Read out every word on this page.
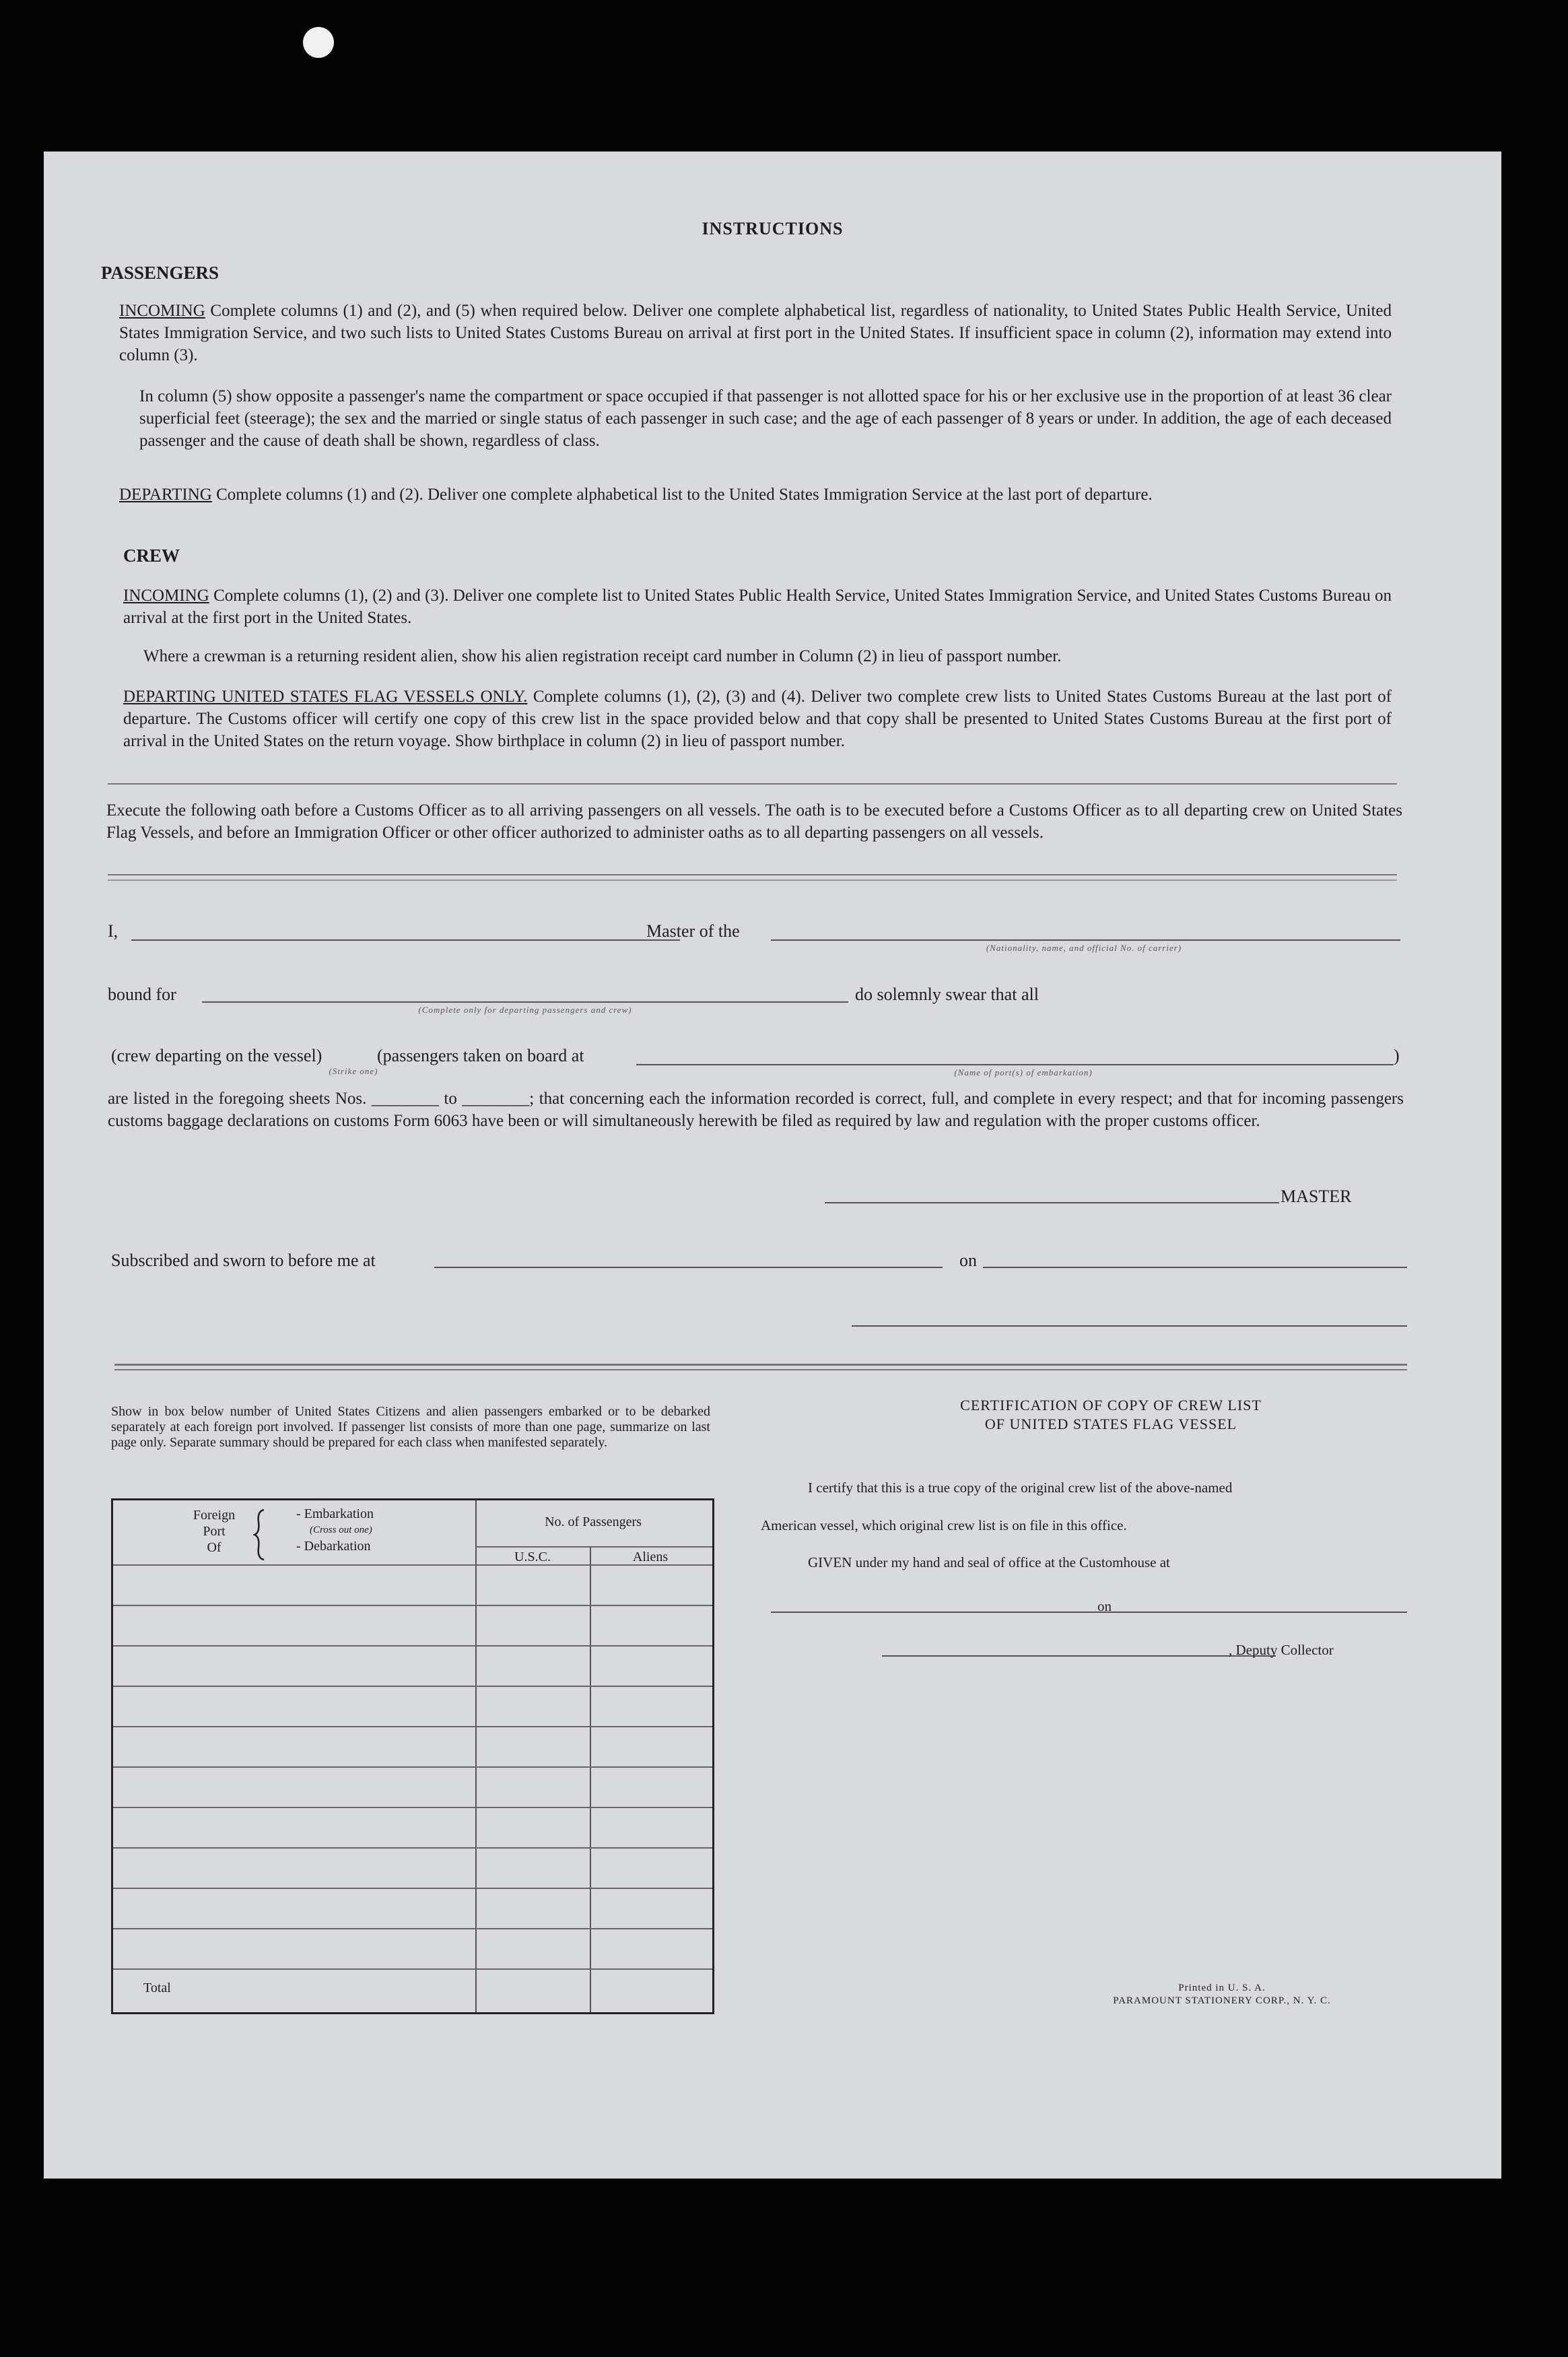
INSTRUCTIONS
PASSENGERS
INCOMING Complete columns (1) and (2), and (5) when required below. Deliver one complete alphabetical list, regardless of nationality, to United States Public Health Service, United States Immigration Service, and two such lists to United States Customs Bureau on arrival at first port in the United States. If insufficient space in column (2), information may extend into column (3).
In column (5) show opposite a passenger's name the compartment or space occupied if that passenger is not allotted space for his or her exclusive use in the proportion of at least 36 clear superficial feet (steerage); the sex and the married or single status of each passenger in such case; and the age of each passenger of 8 years or under. In addition, the age of each deceased passenger and the cause of death shall be shown, regardless of class.
DEPARTING Complete columns (1) and (2). Deliver one complete alphabetical list to the United States Immigration Service at the last port of departure.
CREW
INCOMING Complete columns (1), (2) and (3). Deliver one complete list to United States Public Health Service, United States Immigration Service, and United States Customs Bureau on arrival at the first port in the United States.
Where a crewman is a returning resident alien, show his alien registration receipt card number in Column (2) in lieu of passport number.
DEPARTING UNITED STATES FLAG VESSELS ONLY. Complete columns (1), (2), (3) and (4). Deliver two complete crew lists to United States Customs Bureau at the last port of departure. The Customs officer will certify one copy of this crew list in the space provided below and that copy shall be presented to United States Customs Bureau at the first port of arrival in the United States on the return voyage. Show birthplace in column (2) in lieu of passport number.
Execute the following oath before a Customs Officer as to all arriving passengers on all vessels. The oath is to be executed before a Customs Officer as to all departing crew on United States Flag Vessels, and before an Immigration Officer or other officer authorized to administer oaths as to all departing passengers on all vessels.
I,	Master of the
(Nationality, name, and official No. of carrier)
bound for
(Complete only for departing passengers and crew)
do solemnly swear that all
(crew departing on the vessel)
(Strike one)
(passengers taken on board at	)
(Name of port(s) of embarkation)
are listed in the foregoing sheets Nos. ________ to ________; that concerning each the information recorded is correct, full, and complete in every respect; and that for incoming passengers customs baggage declarations on customs Form 6063 have been or will simultaneously herewith be filed as required by law and regulation with the proper customs officer.
MASTER
Subscribed and sworn to before me at	on
Show in box below number of United States Citizens and alien passengers embarked or to be debarked separately at each foreign port involved. If passenger list consists of more than one page, summarize on last page only. Separate summary should be prepared for each class when manifested separately.
Foreign
Port
Of
- Embarkation
(Cross out one)
- Debarkation
No. of Passengers
U.S.C.	Aliens
Total
CERTIFICATION OF COPY OF CREW LIST
OF UNITED STATES FLAG VESSEL
I certify that this is a true copy of the original crew list of the above-named
American vessel, which original crew list is on file in this office.
GIVEN under my hand and seal of office at the Customhouse at
on
, Deputy Collector
Printed in U. S. A.
PARAMOUNT STATIONERY CORP., N. Y. C.
